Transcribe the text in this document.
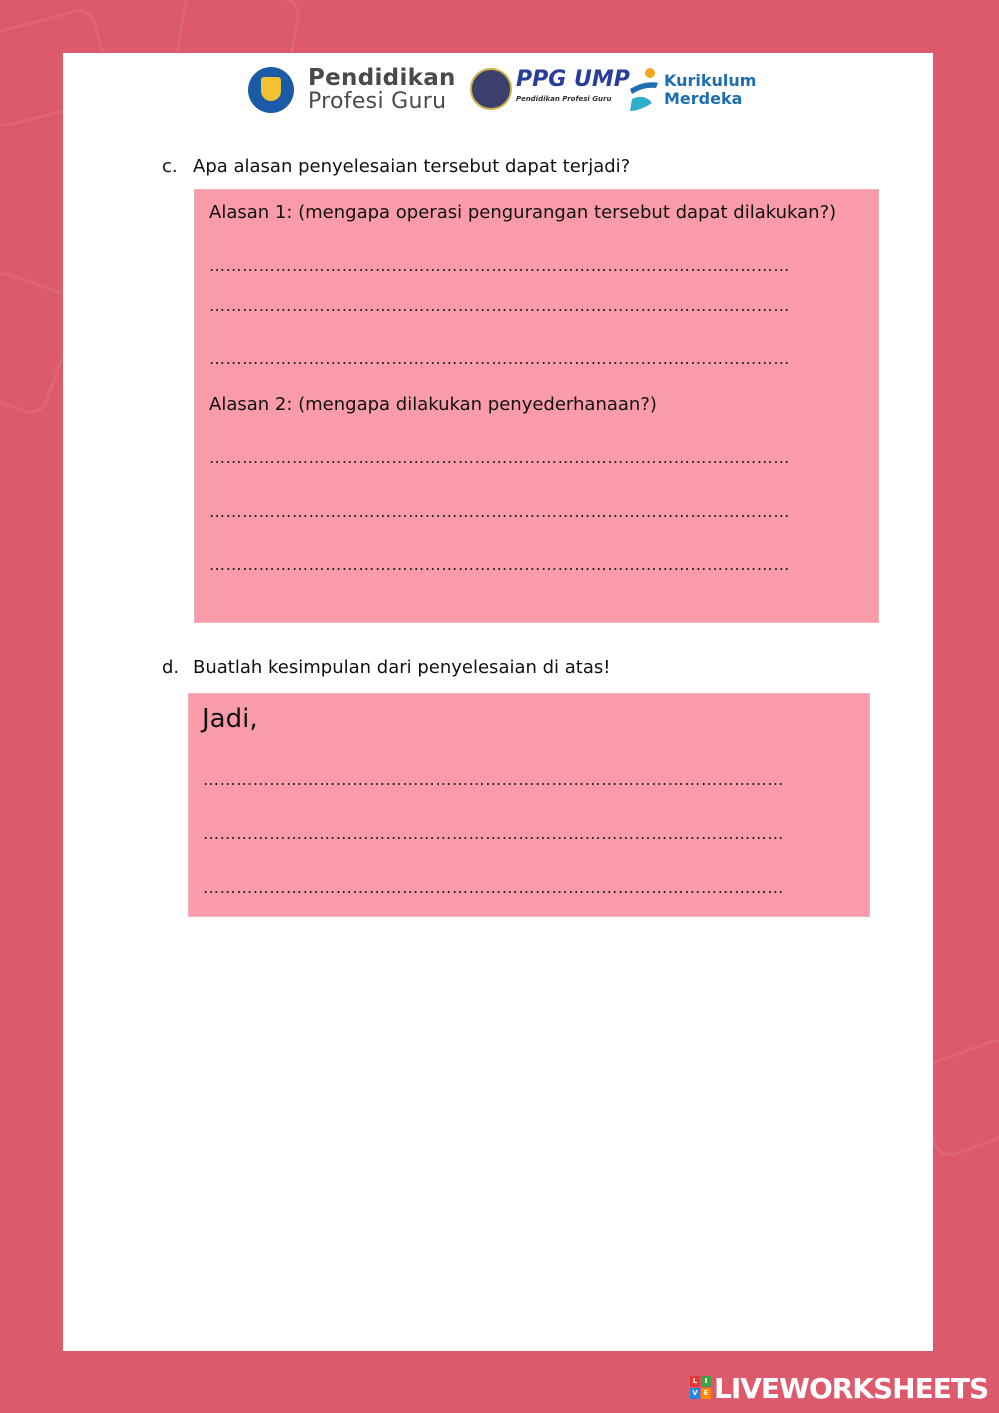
Pendidikan
Profesi Guru
PPG UMP
Pendidikan Profesi Guru
Kurikulum
Merdeka
c. Apa alasan penyelesaian tersebut dapat terjadi?
Alasan 1: (mengapa operasi pengurangan tersebut dapat dilakukan?)
……………………………………………………………………………………………
……………………………………………………………………………………………
……………………………………………………………………………………………
Alasan 2: (mengapa dilakukan penyederhanaan?)
……………………………………………………………………………………………
……………………………………………………………………………………………
……………………………………………………………………………………………
d. Buatlah kesimpulan dari penyelesaian di atas!
Jadi,
……………………………………………………………………………………………
……………………………………………………………………………………………
……………………………………………………………………………………………
L	I
V E LIVEWORKSHEETS
